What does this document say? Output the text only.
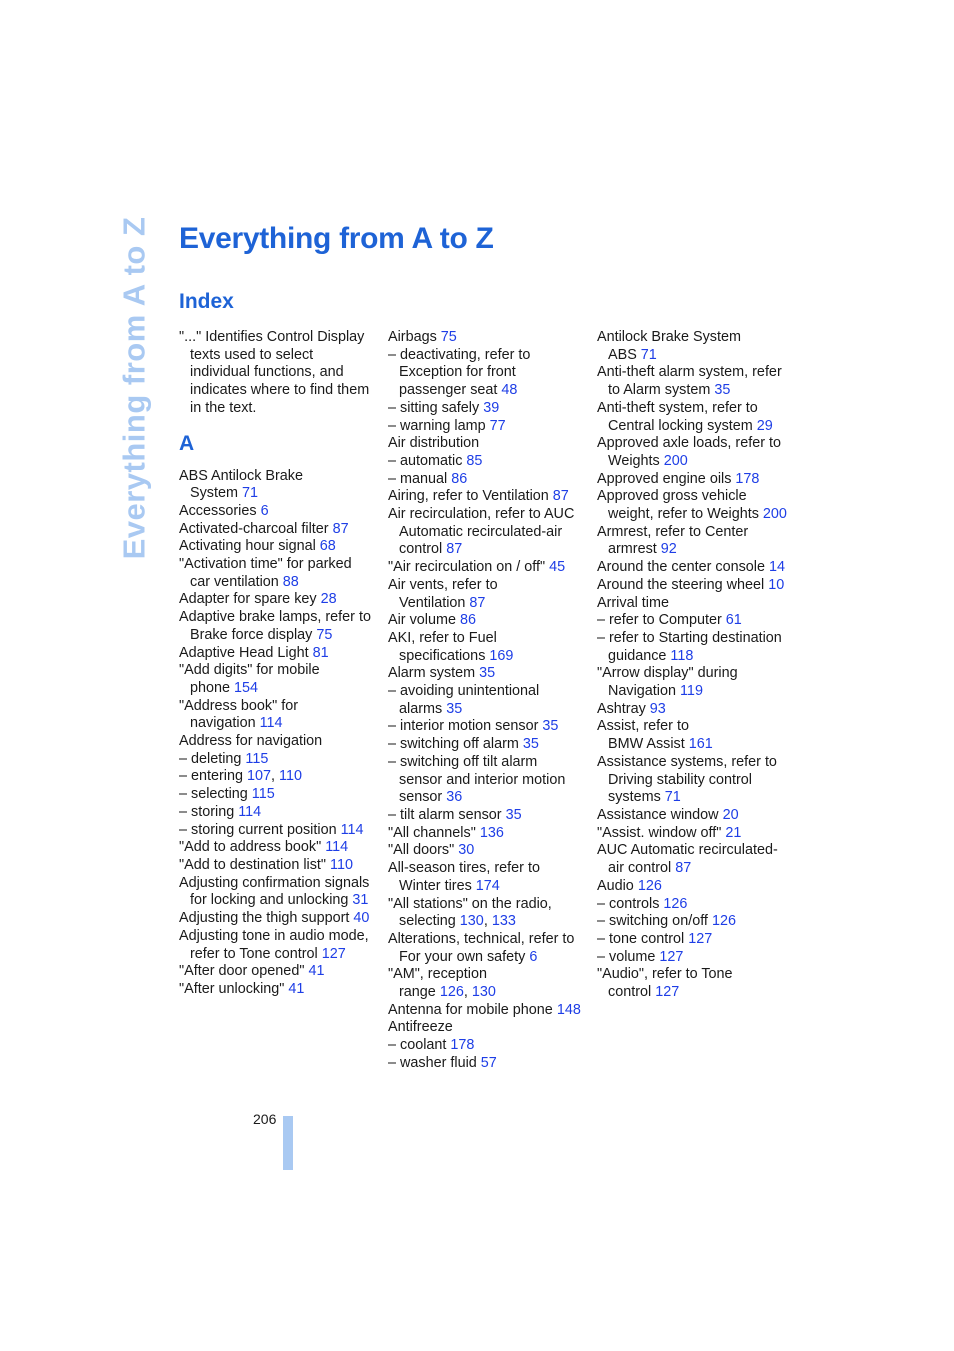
Everything from A to Z Everything from A to Z
Index
"..." Identifies Control Display
texts used to select
individual functions, and
indicates where to find them
in the text.
A
ABS Antilock Brake
System 71
Accessories 6
Activated-charcoal filter 87
Activating hour signal 68
"Activation time" for parked
car ventilation 88
Adapter for spare key 28
Adaptive brake lamps, refer to
Brake force display 75
Adaptive Head Light 81
"Add digits" for mobile
phone 154
"Address book" for
navigation 114
Address for navigation
– deleting 115
– entering 107, 110
– selecting 115
– storing 114
– storing current position 114
"Add to address book" 114
"Add to destination list" 110
Adjusting confirmation signals
for locking and unlocking 31
Adjusting the thigh support 40
Adjusting tone in audio mode,
refer to Tone control 127
"After door opened" 41
"After unlocking" 41
Airbags 75
– deactivating, refer to
Exception for front
passenger seat 48
– sitting safely 39
– warning lamp 77
Air distribution
– automatic 85
– manual 86
Airing, refer to Ventilation 87
Air recirculation, refer to AUC
Automatic recirculated-air
control 87
"Air recirculation on / off" 45
Air vents, refer to
Ventilation 87
Air volume 86
AKI, refer to Fuel
specifications 169
Alarm system 35
– avoiding unintentional
alarms 35
– interior motion sensor 35
– switching off alarm 35
– switching off tilt alarm
sensor and interior motion
sensor 36
– tilt alarm sensor 35
"All channels" 136
"All doors" 30
All-season tires, refer to
Winter tires 174
"All stations" on the radio,
selecting 130, 133
Alterations, technical, refer to
For your own safety 6
"AM", reception
range 126, 130
Antenna for mobile phone 148
Antifreeze
– coolant 178
– washer fluid 57
Antilock Brake System
ABS 71
Anti-theft alarm system, refer
to Alarm system 35
Anti-theft system, refer to
Central locking system 29
Approved axle loads, refer to
Weights 200
Approved engine oils 178
Approved gross vehicle
weight, refer to Weights 200
Armrest, refer to Center
armrest 92
Around the center console 14
Around the steering wheel 10
Arrival time
– refer to Computer 61
– refer to Starting destination
guidance 118
"Arrow display" during
Navigation 119
Ashtray 93
Assist, refer to
BMW Assist 161
Assistance systems, refer to
Driving stability control
systems 71
Assistance window 20
"Assist. window off" 21
AUC Automatic recirculated-
air control 87
Audio 126
– controls 126
– switching on/off 126
– tone control 127
– volume 127
"Audio", refer to Tone
control 127
206
